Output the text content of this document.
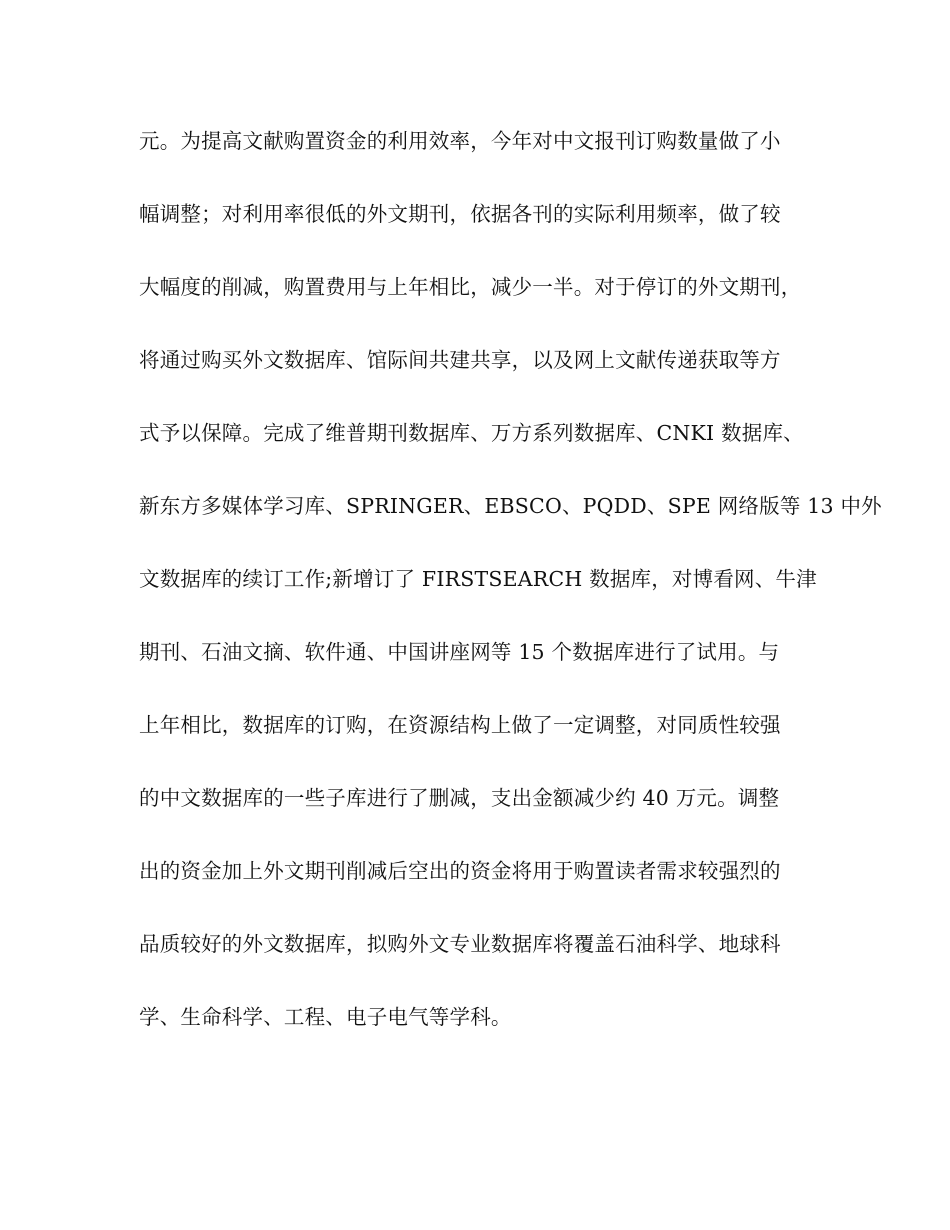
元。为提高文献购置资金的利用效率，今年对中文报刊订购数量做了小
幅调整；对利用率很低的外文期刊，依据各刊的实际利用频率，做了较
大幅度的削减，购置费用与上年相比，减少一半。对于停订的外文期刊，
将通过购买外文数据库、馆际间共建共享，以及网上文献传递获取等方
式予以保障。完成了维普期刊数据库、万方系列数据库、CNKI 数据库、
新东方多媒体学习库、SPRINGER、EBSCO、PQDD、SPE 网络版等 13 中外
文数据库的续订工作;新增订了 FIRSTSEARCH 数据库，对博看网、牛津
期刊、石油文摘、软件通、中国讲座网等 15 个数据库进行了试用。与
上年相比，数据库的订购，在资源结构上做了一定调整，对同质性较强
的中文数据库的一些子库进行了删减，支出金额减少约 40 万元。调整
出的资金加上外文期刊削减后空出的资金将用于购置读者需求较强烈的
品质较好的外文数据库，拟购外文专业数据库将覆盖石油科学、地球科
学、生命科学、工程、电子电气等学科。
